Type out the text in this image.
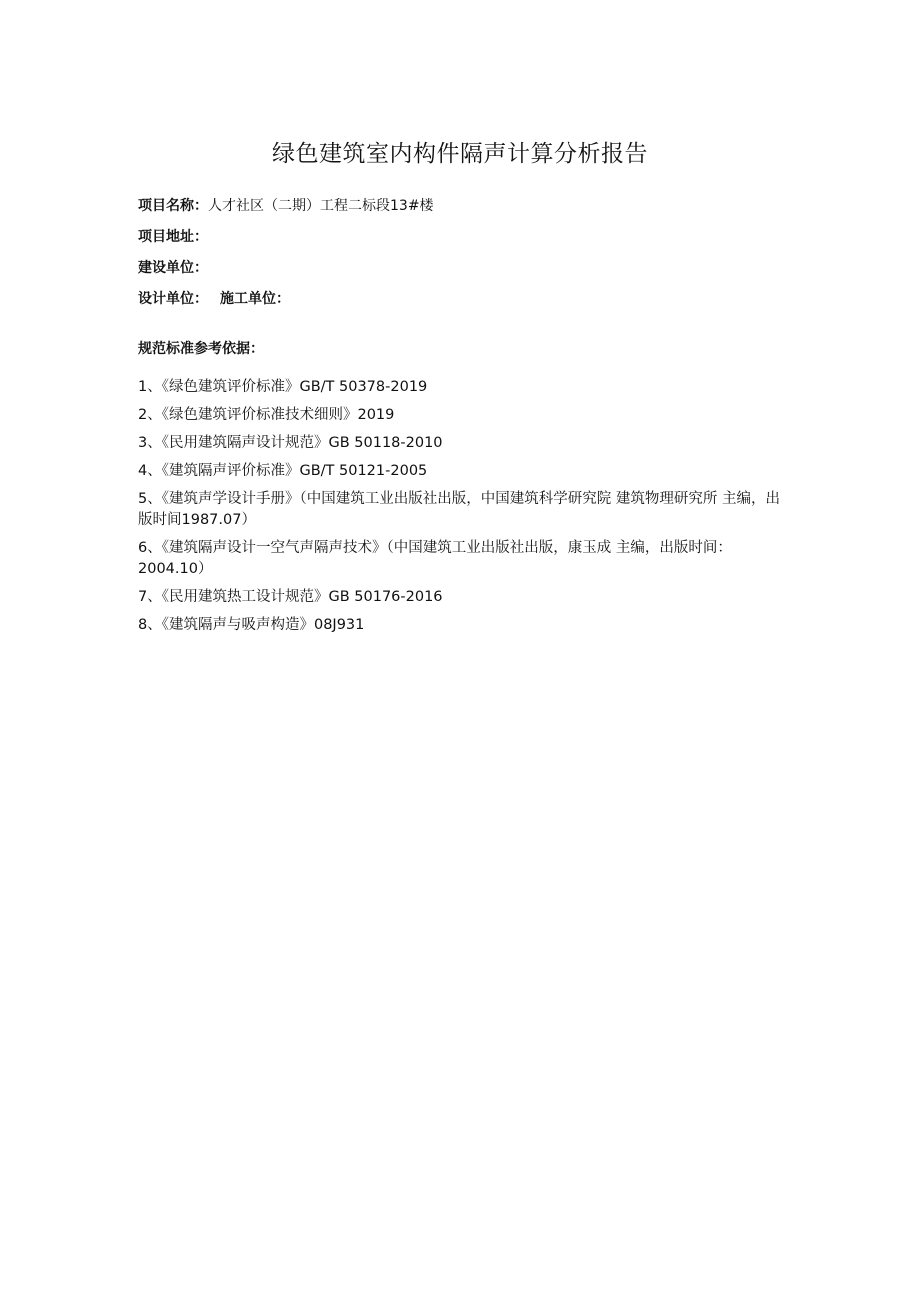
绿色建筑室内构件隔声计算分析报告
项目名称：人才社区（二期）工程二标段13#楼
项目地址：
建设单位：
设计单位： 施工单位：
规范标准参考依据：
1、《绿色建筑评价标准》GB/T 50378-2019
2、《绿色建筑评价标准技术细则》2019
3、《民用建筑隔声设计规范》GB 50118-2010
4、《建筑隔声评价标准》GB/T 50121-2005
5、《建筑声学设计手册》（中国建筑工业出版社出版，中国建筑科学研究院 建筑物理研究所 主编，出版时间1987.07）
6、《建筑隔声设计一空气声隔声技术》（中国建筑工业出版社出版，康玉成 主编，出版时间：2004.10）
7、《民用建筑热工设计规范》GB 50176-2016
8、《建筑隔声与吸声构造》08J931
